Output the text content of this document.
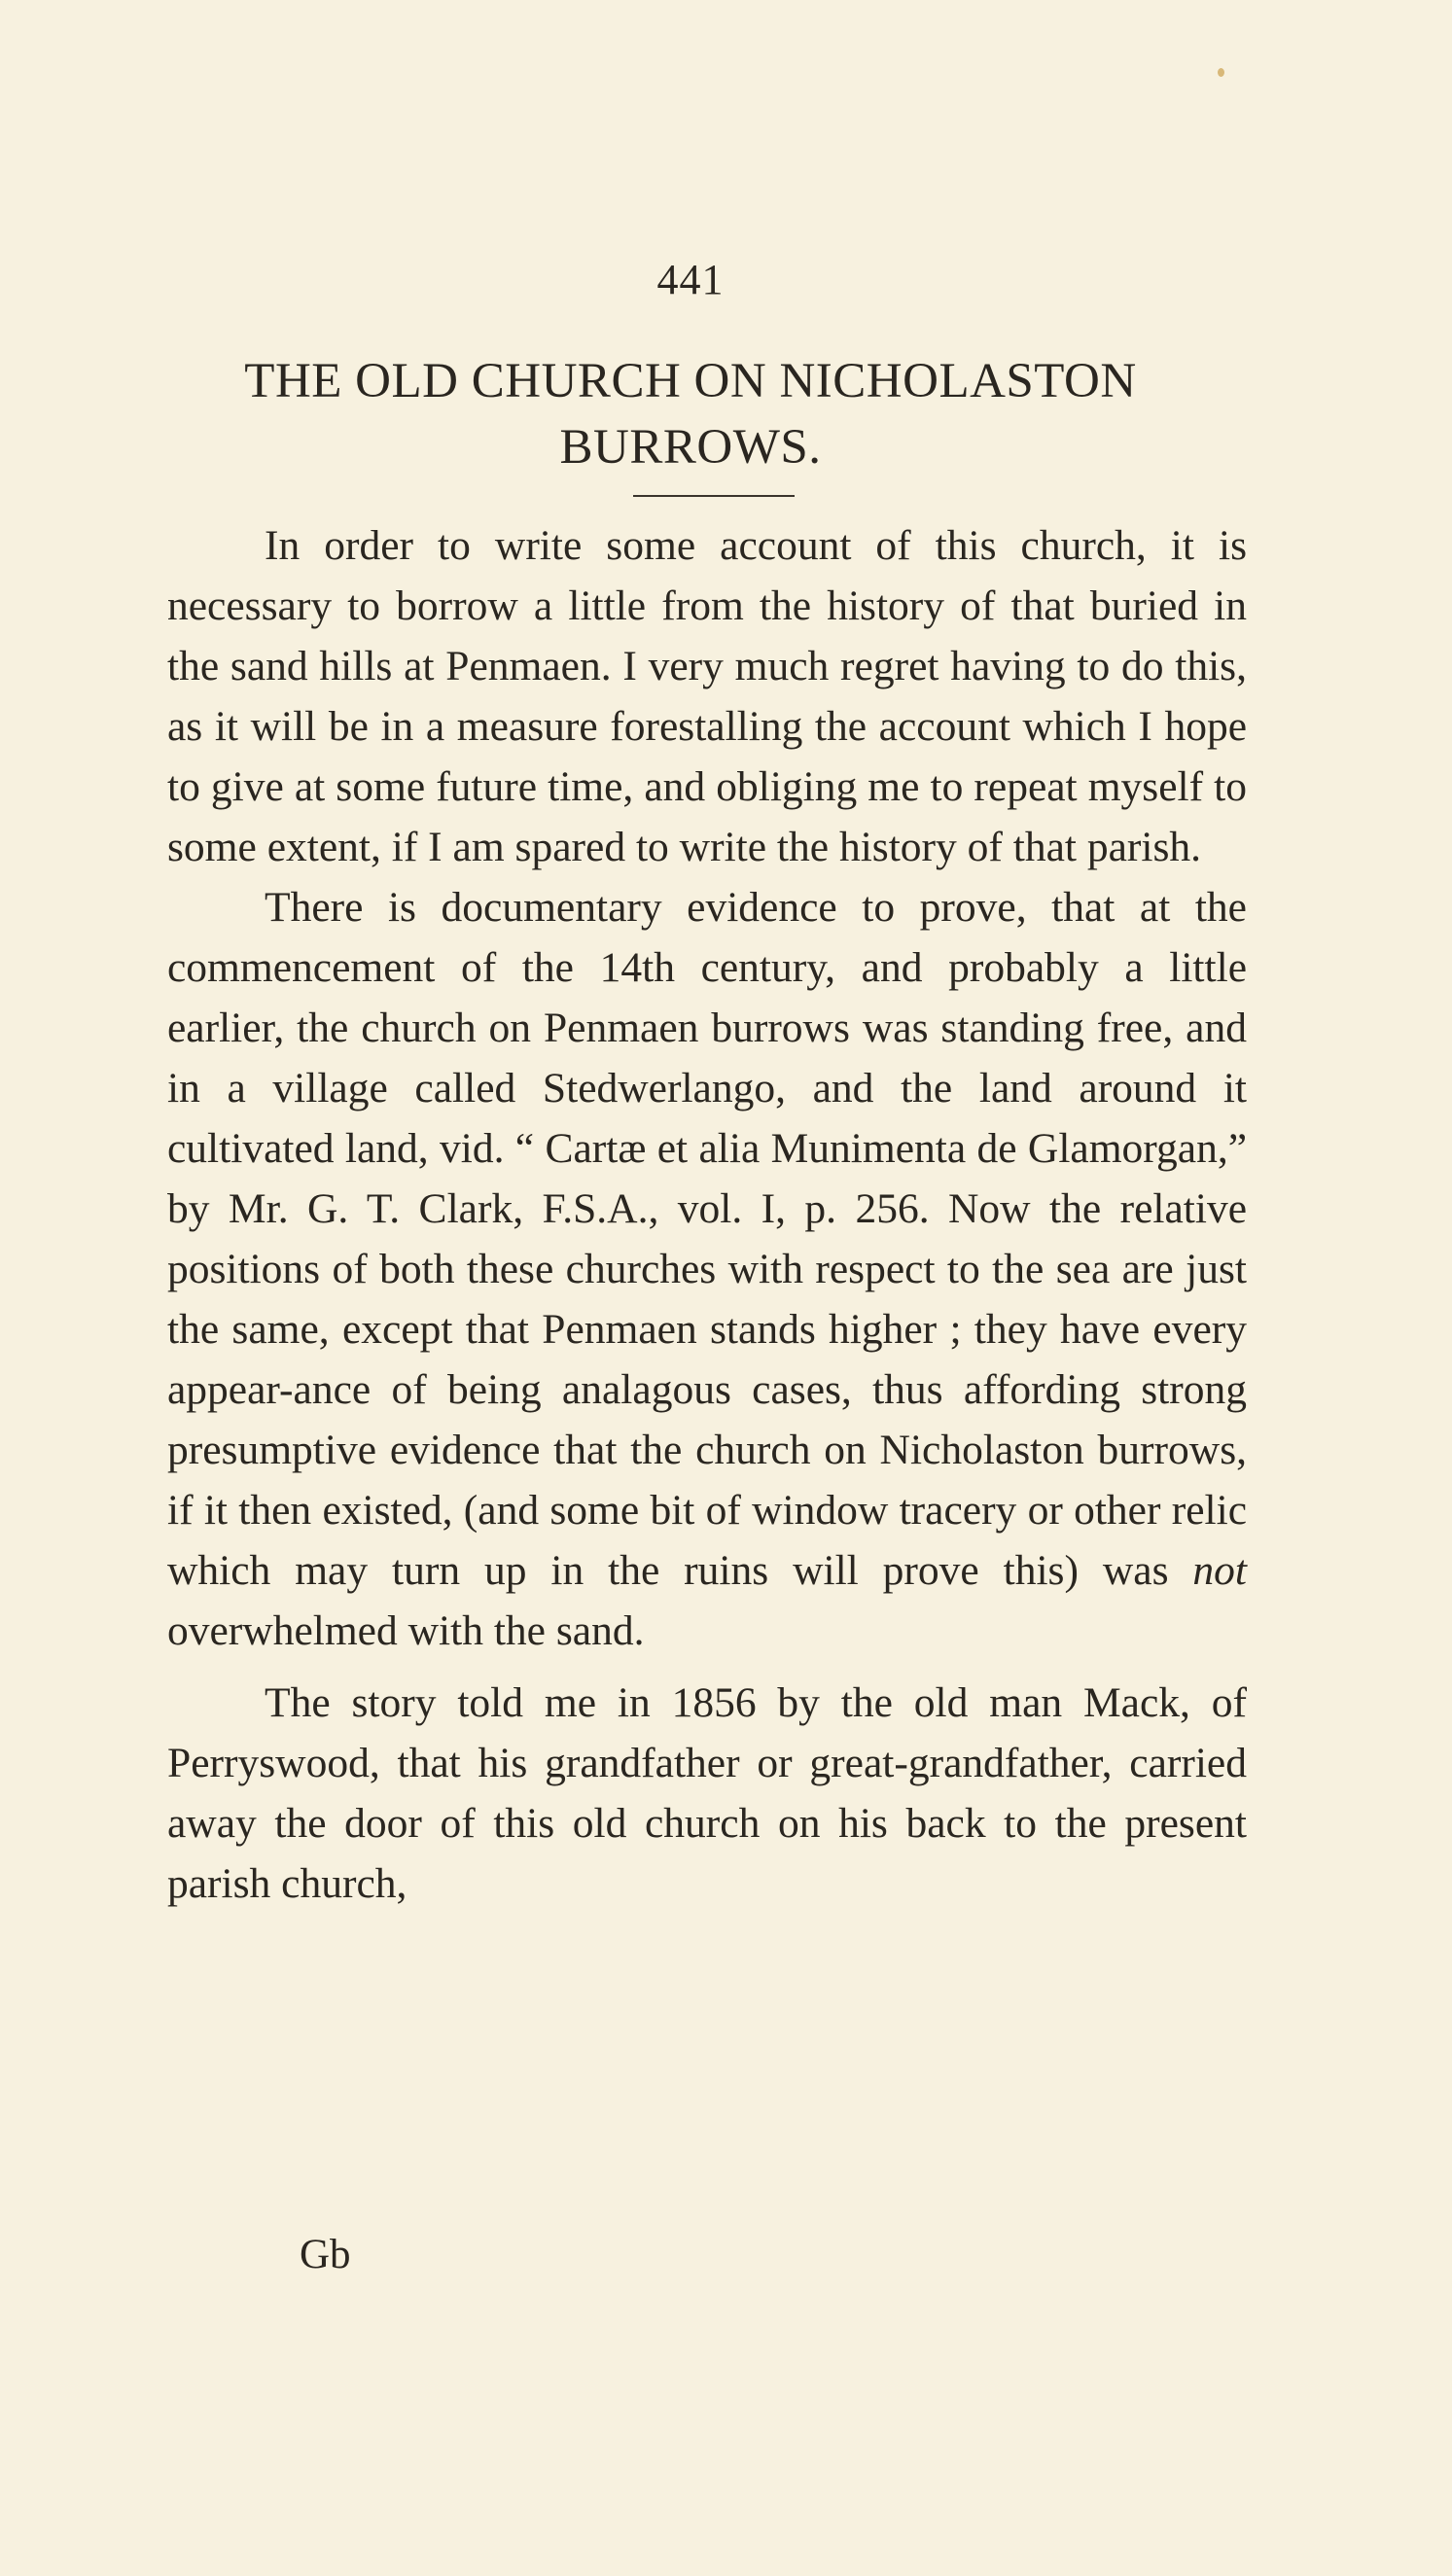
441
THE OLD CHURCH ON NICHOLASTON
BURROWS.

In order to write some account of this church, it is necessary to borrow a little from the history of that buried in the sand hills at Penmaen. I very much regret having to do this, as it will be in a measure forestalling the account which I hope to give at some future time, and obliging me to repeat myself to some extent, if I am spared to write the history of that parish.

There is documentary evidence to prove, that at the commencement of the 14th century, and probably a little earlier, the church on Penmaen burrows was standing free, and in a village called Stedwerlango, and the land around it cultivated land, vid. “ Cartæ et alia Munimenta de Glamorgan,” by Mr. G. T. Clark, F.S.A., vol. I, p. 256. Now the relative positions of both these churches with respect to the sea are just the same, except that Penmaen stands higher ; they have every appear-ance of being analagous cases, thus affording strong presumptive evidence that the church on Nicholaston burrows, if it then existed, (and some bit of window tracery or other relic which may turn up in the ruins will prove this) was not overwhelmed with the sand.

The story told me in 1856 by the old man Mack, of Perryswood, that his grandfather or great-grandfather, carried away the door of this old church on his back to the present parish church,

Gb
